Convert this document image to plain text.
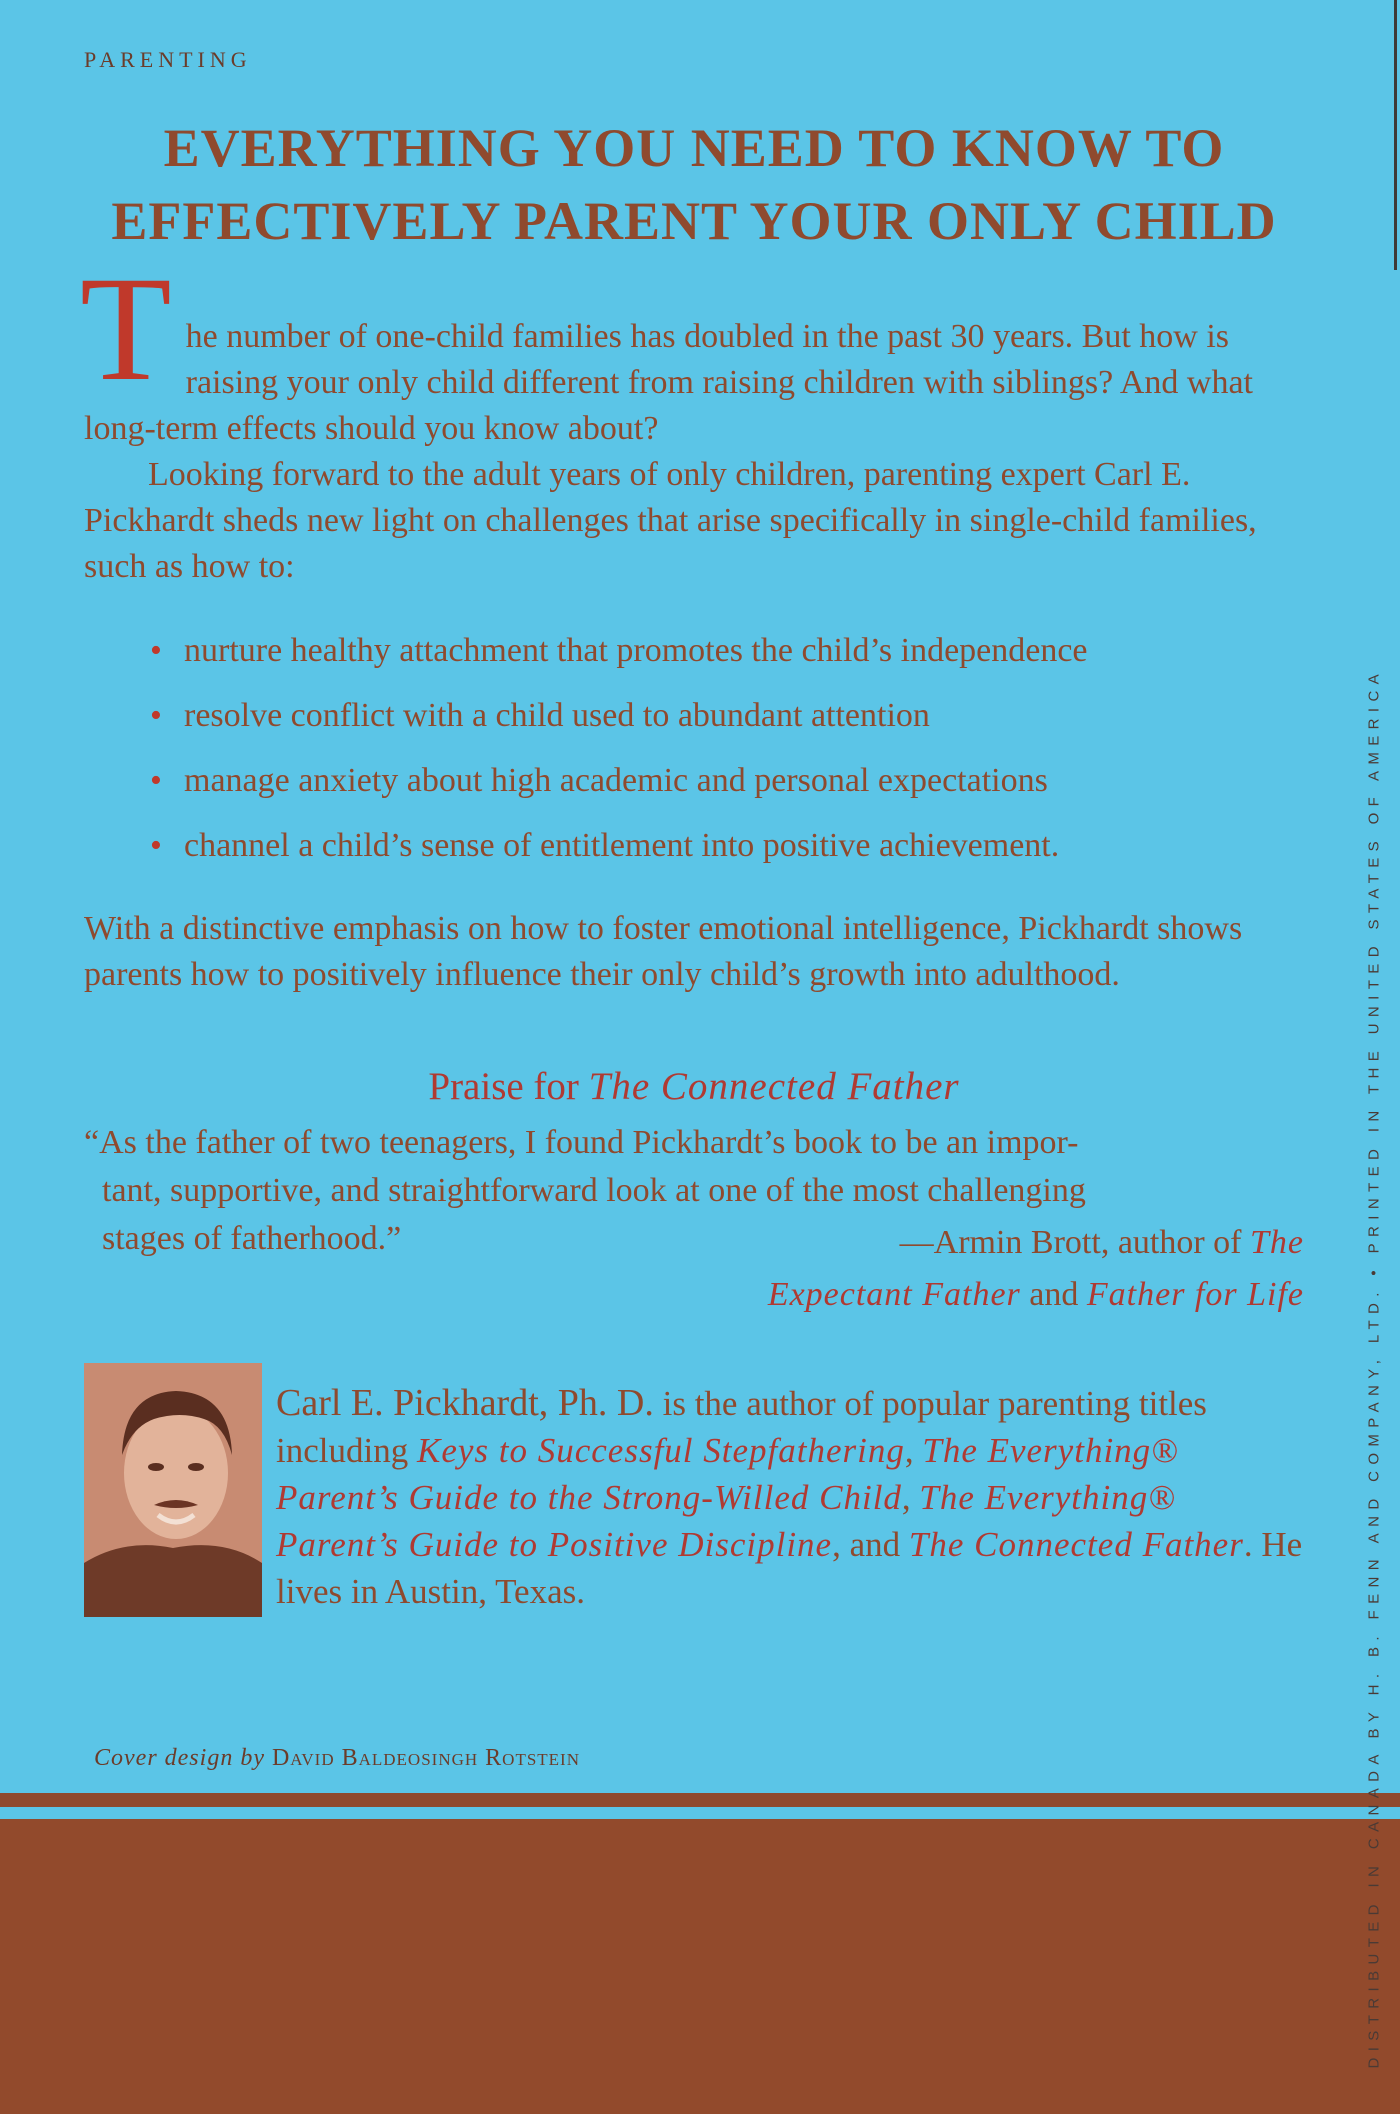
PARENTING
EVERYTHING YOU NEED TO KNOW TO
EFFECTIVELY PARENT YOUR ONLY CHILD

The number of one-child families has doubled in the past 30 years. But how is raising your only child different from raising children with siblings? And what long-term effects should you know about?

Looking forward to the adult years of only children, parenting expert Carl E. Pickhardt sheds new light on challenges that arise specifically in single-child families, such as how to:

• nurture healthy attachment that promotes the child’s independence
• resolve conflict with a child used to abundant attention
• manage anxiety about high academic and personal expectations
• channel a child’s sense of entitlement into positive achievement.
With a distinctive emphasis on how to foster emotional intelligence, Pickhardt shows parents how to positively influence their only child’s growth into adulthood.
Praise for The Connected Father
“As the father of two teenagers, I found Pickhardt’s book to be an impor-
tant, supportive, and straightforward look at one of the most challenging
stages of fatherhood.”	—Armin Brott, author of The
Expectant Father and Father for Life
Carl E. Pickhardt, Ph. D. is the author of popular parenting titles including Keys to Successful Stepfathering, The Everything® Parent’s Guide to the Strong-Willed Child, The Everything® Parent’s Guide to Positive Discipline, and The Connected Father. He lives in Austin, Texas.
Cover design by David Baldeosingh Rotstein	DISTRIBUTED IN CANADA BY H. B. FENN AND COMPANY, LTD. • PRINTED IN THE UNITED STATES OF AMERICA
